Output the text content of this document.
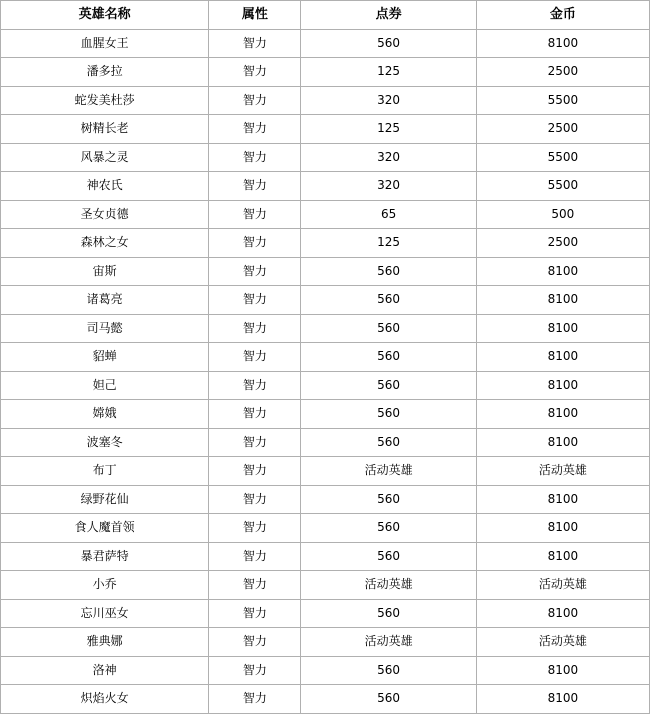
英雄名称	属性	点券	金币
血腥女王	智力	560	8100
潘多拉	智力	125	2500
蛇发美杜莎	智力	320	5500
树精长老	智力	125	2500
风暴之灵	智力	320	5500
神农氏	智力	320	5500
圣女贞德	智力	65	500
森林之女	智力	125	2500
宙斯	智力	560	8100
诸葛亮	智力	560	8100
司马懿	智力	560	8100
貂蝉	智力	560	8100
妲己	智力	560	8100
嫦娥	智力	560	8100
波塞冬	智力	560	8100
布丁	智力	活动英雄	活动英雄
绿野花仙	智力	560	8100
食人魔首领	智力	560	8100
暴君萨特	智力	560	8100
小乔	智力	活动英雄	活动英雄
忘川巫女	智力	560	8100
雅典娜	智力	活动英雄	活动英雄
洛神	智力	560	8100
炽焰火女	智力	560	8100
